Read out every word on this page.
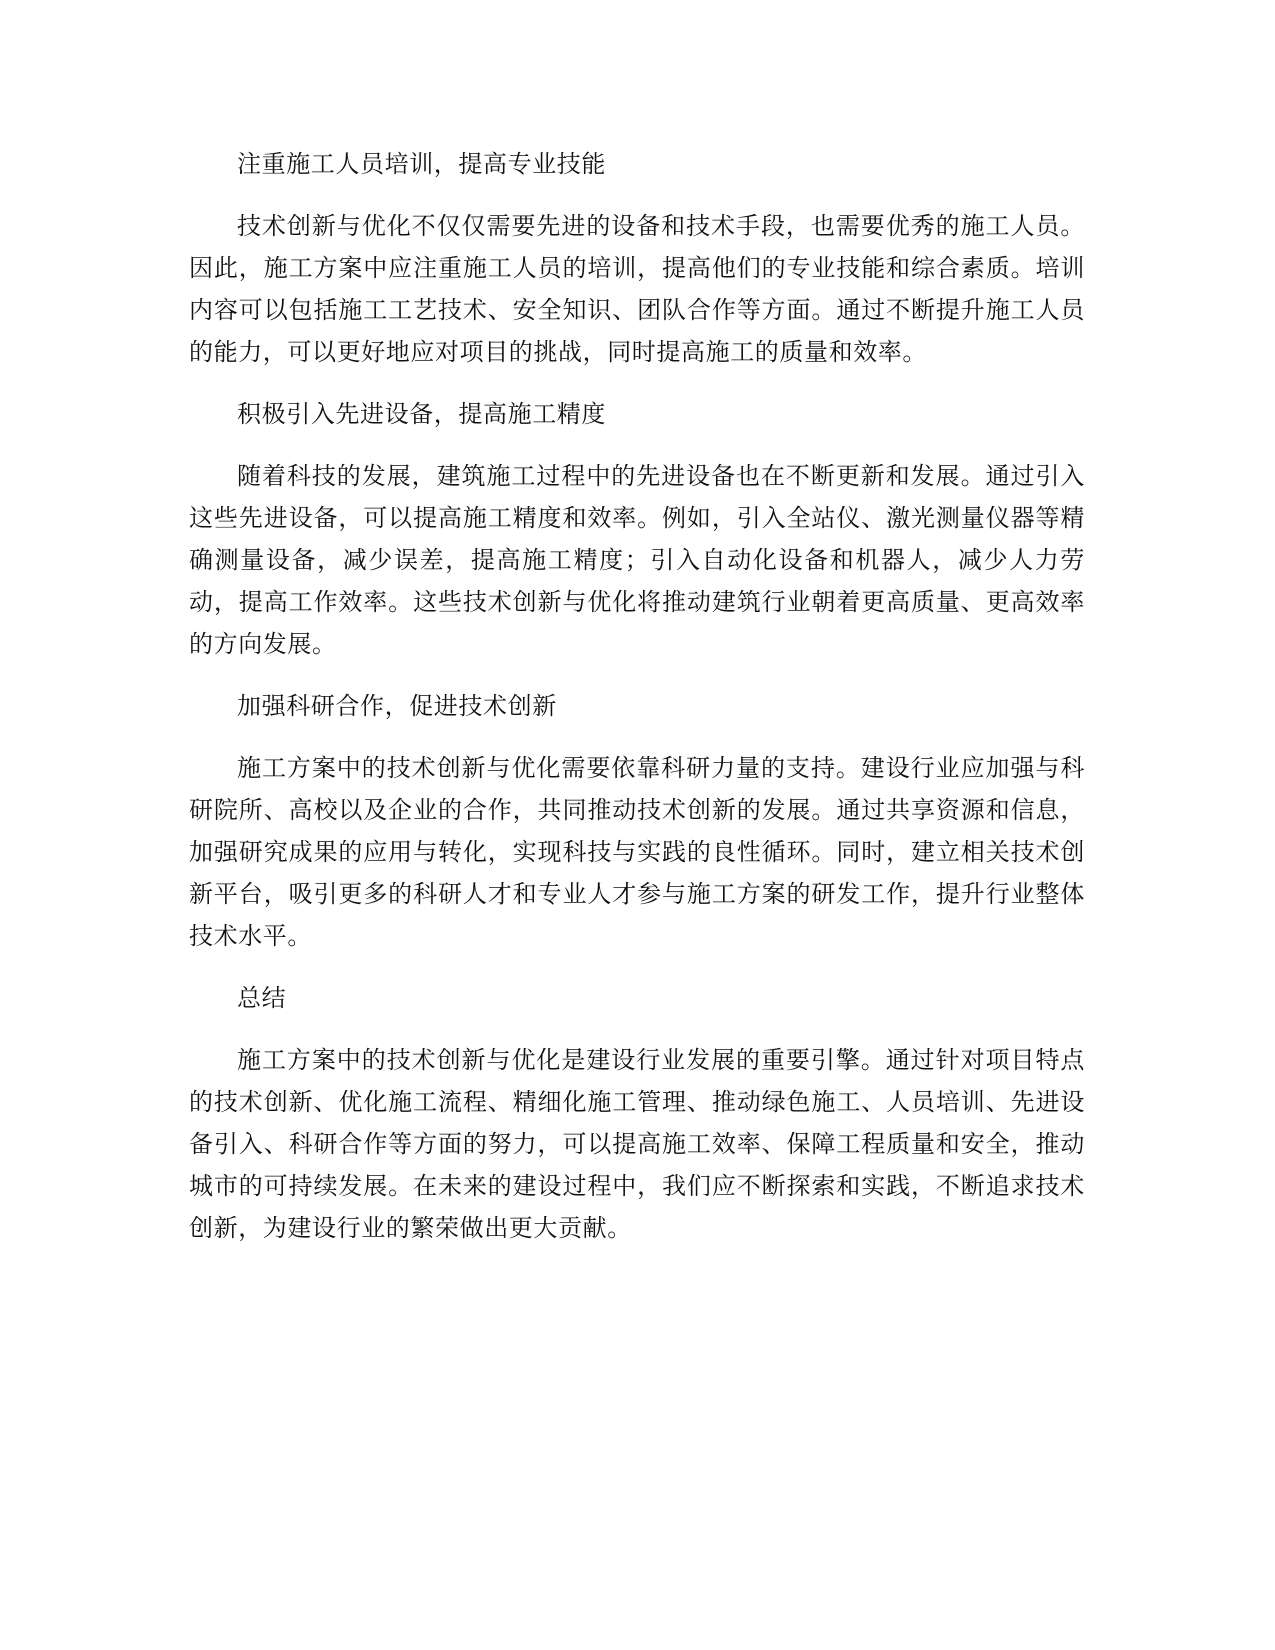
注重施工人员培训，提高专业技能

技术创新与优化不仅仅需要先进的设备和技术手段，也需要优秀的施工人员。因此，施工方案中应注重施工人员的培训，提高他们的专业技能和综合素质。培训内容可以包括施工工艺技术、安全知识、团队合作等方面。通过不断提升施工人员的能力，可以更好地应对项目的挑战，同时提高施工的质量和效率。

积极引入先进设备，提高施工精度

随着科技的发展，建筑施工过程中的先进设备也在不断更新和发展。通过引入这些先进设备，可以提高施工精度和效率。例如，引入全站仪、激光测量仪器等精确测量设备，减少误差，提高施工精度；引入自动化设备和机器人，减少人力劳动，提高工作效率。这些技术创新与优化将推动建筑行业朝着更高质量、更高效率的方向发展。

加强科研合作，促进技术创新

施工方案中的技术创新与优化需要依靠科研力量的支持。建设行业应加强与科研院所、高校以及企业的合作，共同推动技术创新的发展。通过共享资源和信息，加强研究成果的应用与转化，实现科技与实践的良性循环。同时，建立相关技术创新平台，吸引更多的科研人才和专业人才参与施工方案的研发工作，提升行业整体技术水平。

总结

施工方案中的技术创新与优化是建设行业发展的重要引擎。通过针对项目特点的技术创新、优化施工流程、精细化施工管理、推动绿色施工、人员培训、先进设备引入、科研合作等方面的努力，可以提高施工效率、保障工程质量和安全，推动城市的可持续发展。在未来的建设过程中，我们应不断探索和实践，不断追求技术创新，为建设行业的繁荣做出更大贡献。
